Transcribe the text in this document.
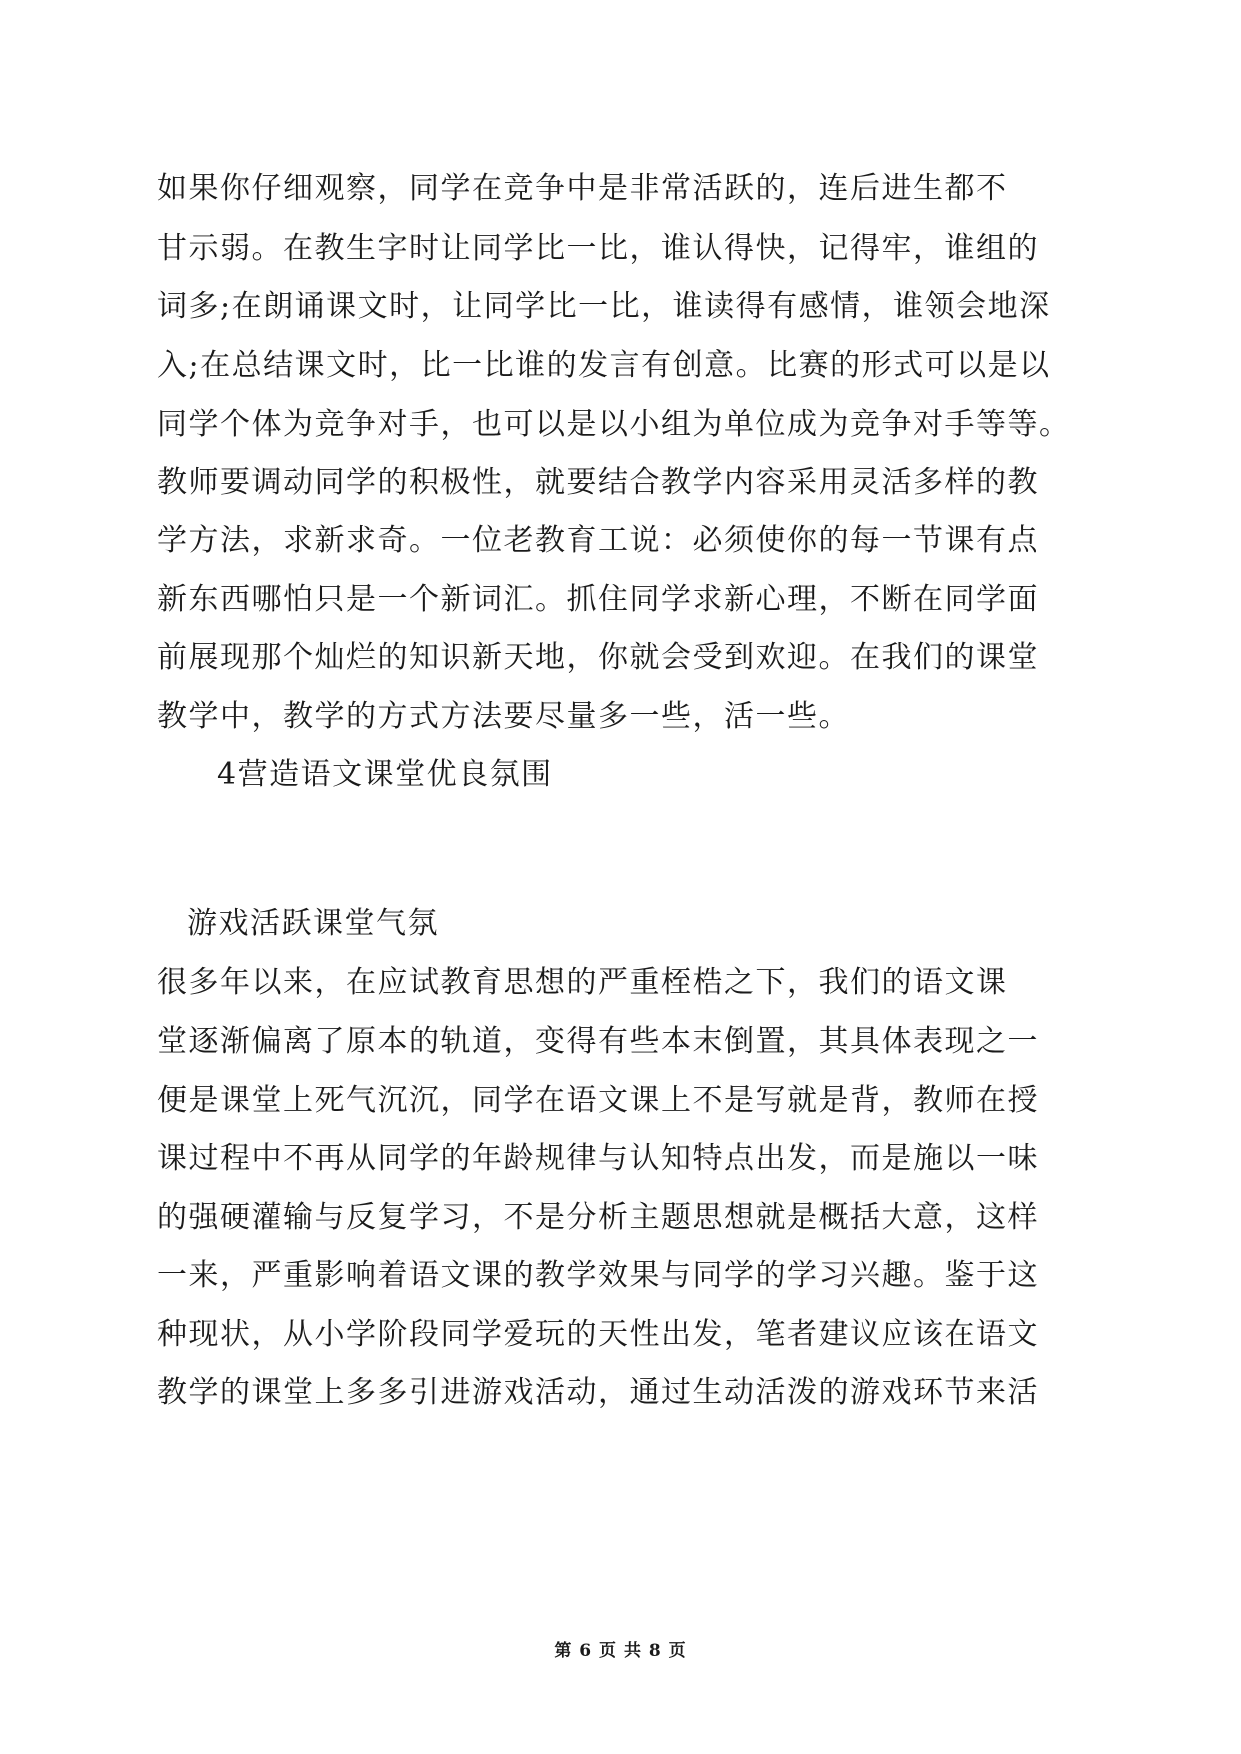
如果你仔细观察，同学在竞争中是非常活跃的，连后进生都不
甘示弱。在教生字时让同学比一比，谁认得快，记得牢，谁组的
词多;在朗诵课文时，让同学比一比，谁读得有感情，谁领会地深
入;在总结课文时，比一比谁的发言有创意。比赛的形式可以是以
同学个体为竞争对手，也可以是以小组为单位成为竞争对手等等。
教师要调动同学的积极性，就要结合教学内容采用灵活多样的教
学方法，求新求奇。一位老教育工说：必须使你的每一节课有点
新东西哪怕只是一个新词汇。抓住同学求新心理，不断在同学面
前展现那个灿烂的知识新天地，你就会受到欢迎。在我们的课堂
教学中，教学的方式方法要尽量多一些，活一些。
4营造语文课堂优良氛围
游戏活跃课堂气氛
很多年以来，在应试教育思想的严重桎梏之下，我们的语文课
堂逐渐偏离了原本的轨道，变得有些本末倒置，其具体表现之一
便是课堂上死气沉沉，同学在语文课上不是写就是背，教师在授
课过程中不再从同学的年龄规律与认知特点出发，而是施以一味
的强硬灌输与反复学习，不是分析主题思想就是概括大意，这样
一来，严重影响着语文课的教学效果与同学的学习兴趣。鉴于这
种现状，从小学阶段同学爱玩的天性出发，笔者建议应该在语文
教学的课堂上多多引进游戏活动，通过生动活泼的游戏环节来活
第 6 页 共 8 页
